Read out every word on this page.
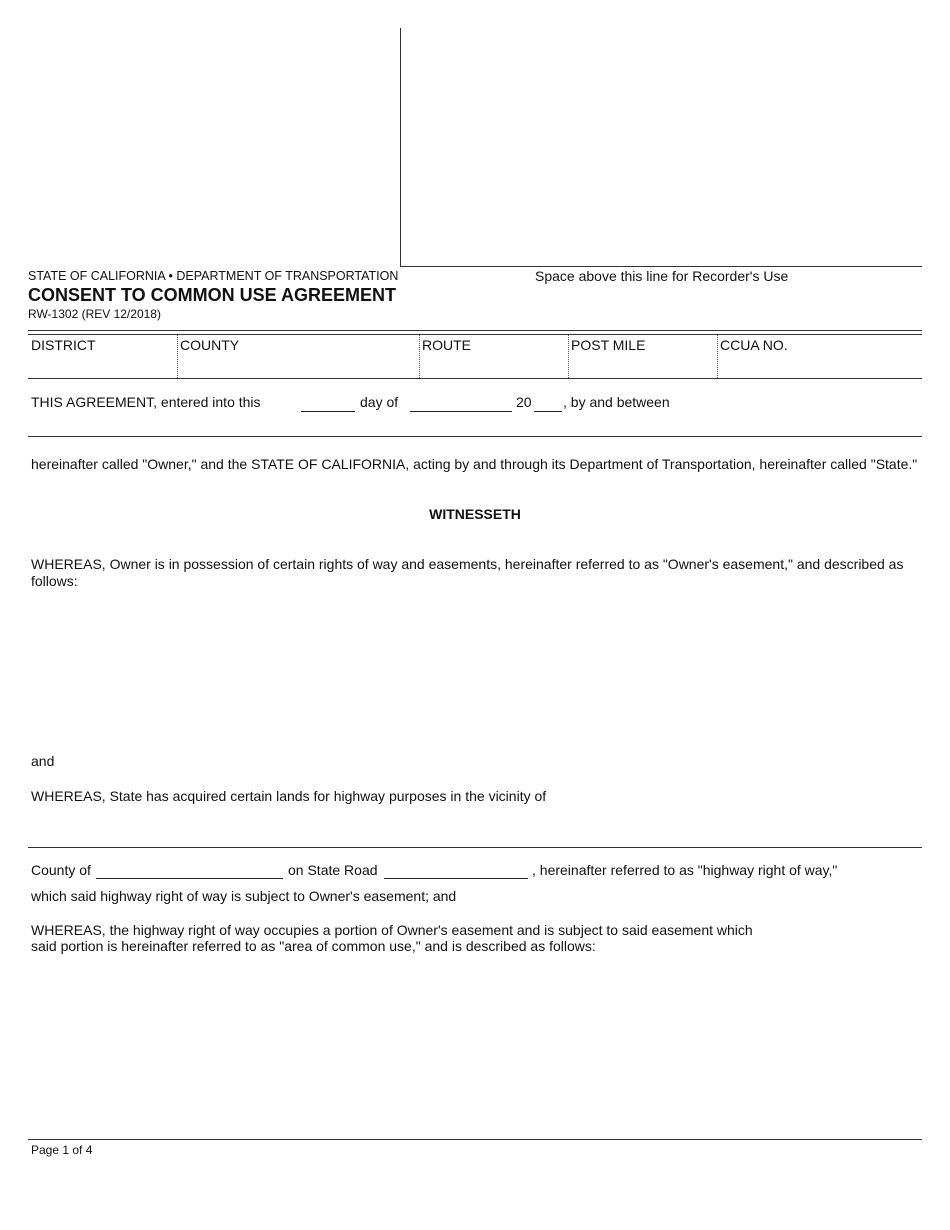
Space above this line for Recorder's Use
STATE OF CALIFORNIA • DEPARTMENT OF TRANSPORTATION
CONSENT TO COMMON USE AGREEMENT
RW-1302 (REV 12/2018)
DISTRICT	COUNTY	ROUTE	POST MILE	CCUA NO.
THIS AGREEMENT, entered into this	day of	20 , by and between
hereinafter called "Owner," and the STATE OF CALIFORNIA, acting by and through its Department of Transportation, hereinafter called "State."
WITNESSETH
WHEREAS, Owner is in possession of certain rights of way and easements, hereinafter referred to as "Owner's easement," and described as follows:
and
WHEREAS, State has acquired certain lands for highway purposes in the vicinity of
County of	on State Road	, hereinafter referred to as "highway right of way,"
which said highway right of way is subject to Owner's easement; and
WHEREAS, the highway right of way occupies a portion of Owner's easement and is subject to said easement which
said portion is hereinafter referred to as "area of common use," and is described as follows:
Page 1 of 4
